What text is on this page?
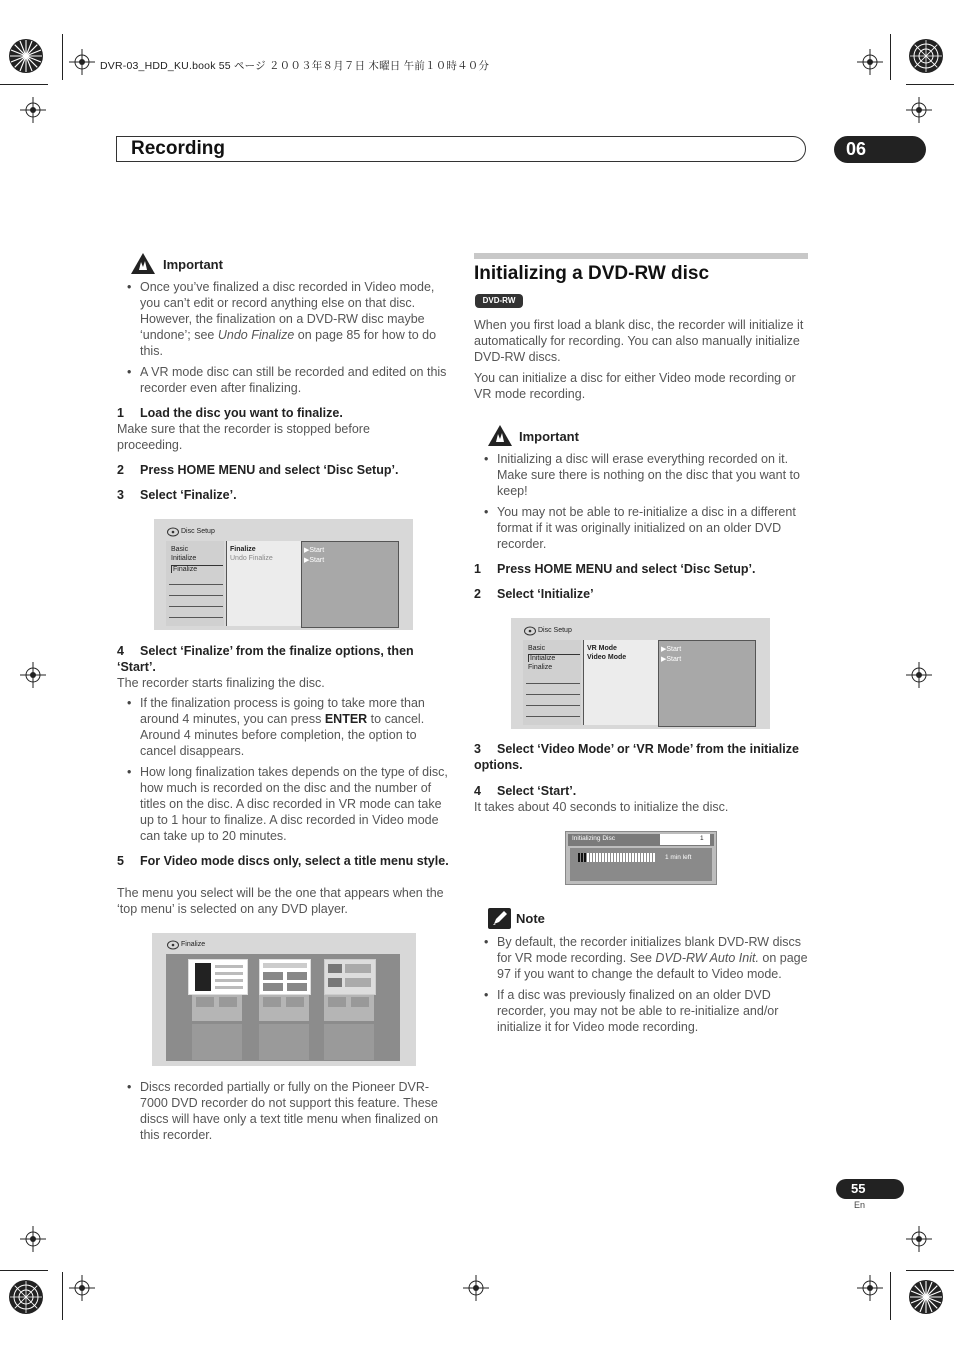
DVR-03_HDD_KU.book 55 ページ ２００３年８月７日 木曜日 午前１０時４０分
Recording	06
Important
• Once you’ve finalized a disc recorded in Video mode, you can’t edit or record anything else on that disc. However, the finalization on a DVD-RW disc maybe ‘undone’; see Undo Finalize on page 85 for how to do this.
• A VR mode disc can still be recorded and edited on this recorder even after finalizing.
1 Load the disc you want to finalize.
Make sure that the recorder is stopped before proceeding.
2 Press HOME MENU and select ‘Disc Setup’.
3 Select ‘Finalize’.
Disc Setup
Basic
Initialize
Finalize
Finalize
Undo Finalize
▶Start
▶Start
4 Select ‘Finalize’ from the finalize options, then ‘Start’.
The recorder starts finalizing the disc.
• If the finalization process is going to take more than around 4 minutes, you can press ENTER to cancel. Around 4 minutes before completion, the option to cancel disappears.
• How long finalization takes depends on the type of disc, how much is recorded on the disc and the number of titles on the disc. A disc recorded in VR mode can take up to 1 hour to finalize. A disc recorded in Video mode can take up to 20 minutes.
5 For Video mode discs only, select a title menu style.
The menu you select will be the one that appears when the ‘top menu’ is selected on any DVD player.
Finalize
• Discs recorded partially or fully on the Pioneer DVR-7000 DVD recorder do not support this feature. These discs will have only a text title menu when finalized on this recorder.
Initializing a DVD-RW disc
DVD-RW
When you first load a blank disc, the recorder will initialize it automatically for recording. You can also manually initialize DVD-RW discs.
You can initialize a disc for either Video mode recording or VR mode recording.
Important
• Initializing a disc will erase everything recorded on it. Make sure there is nothing on the disc that you want to keep!
• You may not be able to re-initialize a disc in a different format if it was originally initialized on an older DVD recorder.
1 Press HOME MENU and select ‘Disc Setup’.
2 Select ‘Initialize’
Disc Setup
Basic
Initialize
Finalize
VR Mode
Video Mode
▶Start
▶Start
3 Select ‘Video Mode’ or ‘VR Mode’ from the initialize options.
4 Select ‘Start’.
It takes about 40 seconds to initialize the disc.
Initializing Disc	1
1 min left
Note
• By default, the recorder initializes blank DVD-RW discs for VR mode recording. See DVD-RW Auto Init. on page 97 if you want to change the default to Video mode.
• If a disc was previously finalized on an older DVD recorder, you may not be able to re-initialize and/or initialize it for Video mode recording.
55
En
